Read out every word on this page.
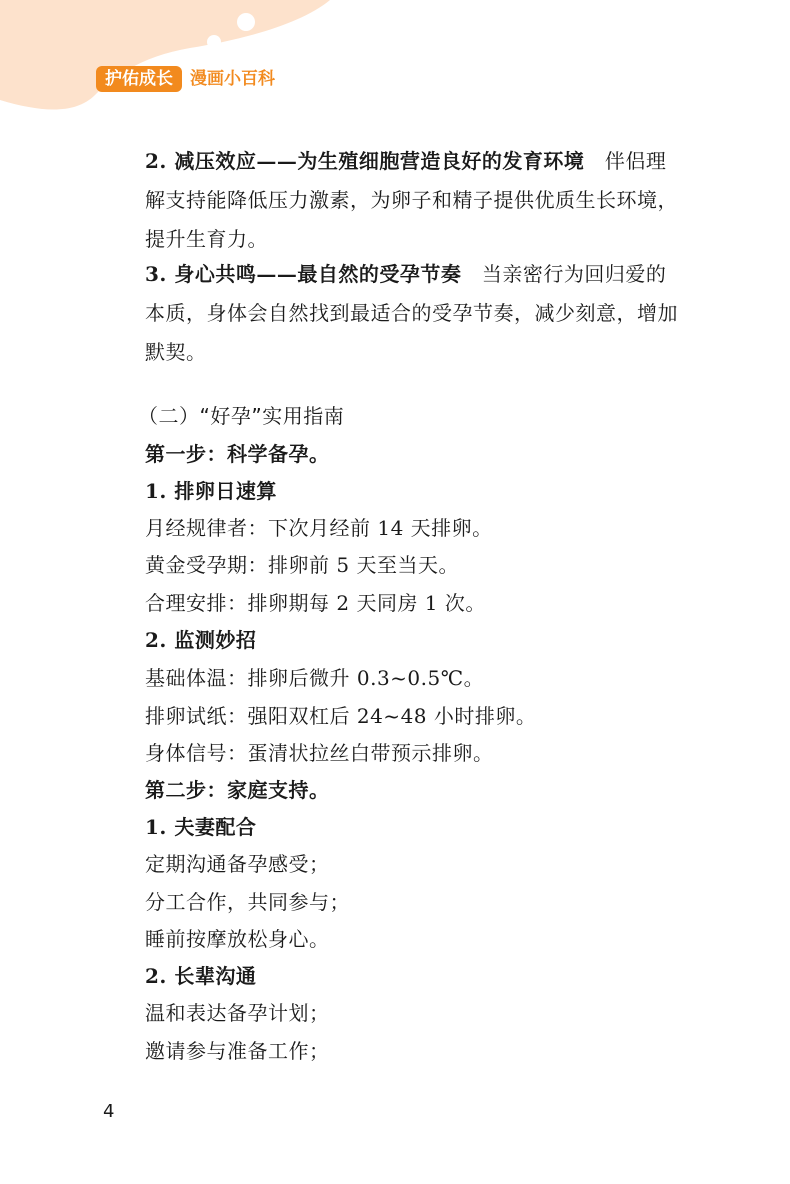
护佑成长	漫画小百科

2. 减压效应——为生殖细胞营造良好的发育环境 伴侣理解支持能降低压力激素，为卵子和精子提供优质生长环境，提升生育力。

3. 身心共鸣——最自然的受孕节奏 当亲密行为回归爱的本质，身体会自然找到最适合的受孕节奏，减少刻意，增加默契。

（二）“好孕”实用指南
第一步：科学备孕。
1. 排卵日速算
月经规律者：下次月经前 14 天排卵。
黄金受孕期：排卵前 5 天至当天。
合理安排：排卵期每 2 天同房 1 次。
2. 监测妙招
基础体温：排卵后微升 0.3~0.5℃。
排卵试纸：强阳双杠后 24~48 小时排卵。
身体信号：蛋清状拉丝白带预示排卵。
第二步：家庭支持。
1. 夫妻配合
定期沟通备孕感受；
分工合作，共同参与；
睡前按摩放松身心。
2. 长辈沟通
温和表达备孕计划；
邀请参与准备工作；
4
